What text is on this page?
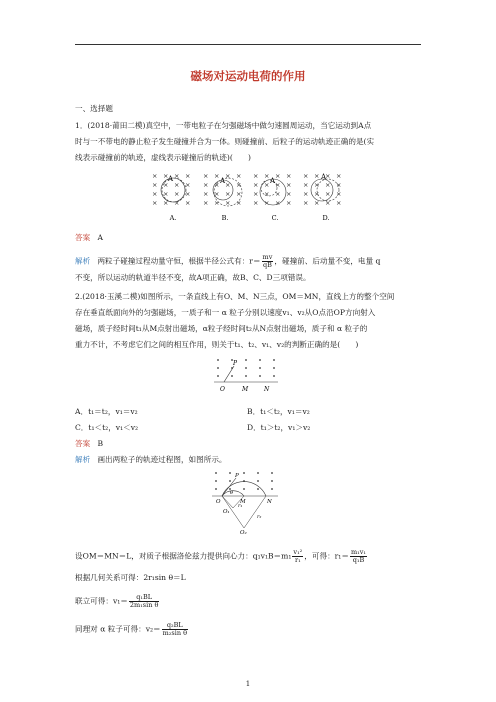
磁场对运动电荷的作用
一、选择题
1．(2018·莆田二模)真空中，一带电粒子在匀强磁场中做匀速圆周运动，当它运动到A点
时与一不带电的静止粒子发生碰撞并合为一体。则碰撞前、后粒子的运动轨迹正确的是(实
线表示碰撞前的轨迹，虚线表示碰撞后的轨迹)(　　)
× × × ×
× × × ×
× × × ×
× × × ×
× × × ×
× × × ×
× × × ×
× × × ×
× × × ×
× × × ×
× × × ×
× × × ×
× × × ×
× × × ×
× × × ×
× × × ×
A	A	A	A
A.	B.	C.	D.
答案 A
解析 两粒子碰撞过程动量守恒，根据半径公式有：$r= \frac{mv}{qB}$ ，碰撞前、后动量不变，电量 q
不变，所以运动的轨道半径不变，故A项正确，故B、C、D三项错误。
2.(2018·玉溪二模)如图所示，一条直线上有O、M、N三点，OM＝MN，直线上方的整个空间
存在垂直纸面向外的匀强磁场，一质子和一 α 粒子分别以速度v₁、v₂从O点沿OP方向射入
磁场，质子经时间t₁从M点射出磁场，α粒子经时间t₂从N点射出磁场，质子和 α 粒子的
重力不计，不考虑它们之间的相互作用，则关于t₁、t₂、v₁、v₂的判断正确的是(　　)
P
O	M	N
A．t₁＝t₂，v₁＝v₂	B．t₁＜t₂，v₁＝v₂
C．t₁＜t₂，v₁＜v₂	D．t₁＞t₂，v₁＞v₂
答案 B
解析 画出两粒子的轨迹过程图，如图所示。
P
θ
O	M	N
O₁
r₁
r₂
O₂
设OM＝MN＝L，对质子根据洛伦兹力提供向心力：$q_1v_1B=m_1 \frac{\text{v₁²}}{\text{r₁}}$ ，可得：$r_1= \frac{\text{m₁v₁}}{\text{q₁B}}$
根据几何关系可得：2r₁sin θ＝L
联立可得：$v_1= \frac{\text{q₁BL}}{\text{2m₁sin θ}}$
同理对 α 粒子可得：$v_2= \frac{\text{q₂BL}}{\text{m₂sin θ}}$
1
